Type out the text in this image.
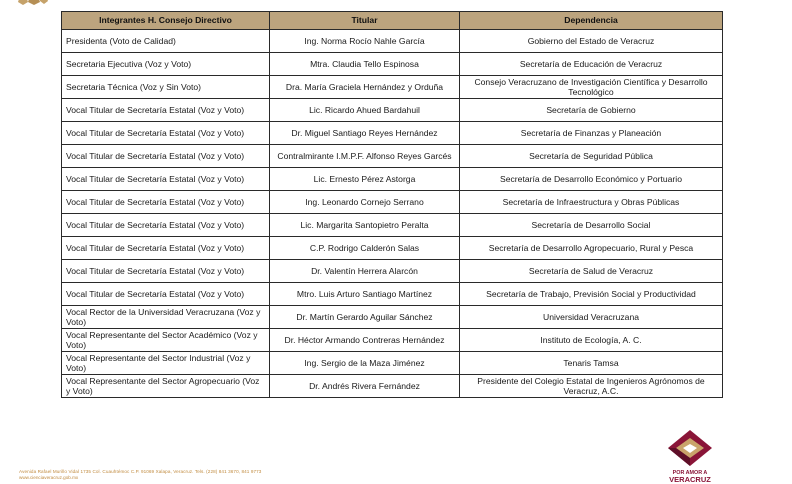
Integrantes H. Consejo Directivo	Titular	Dependencia
Presidenta (Voto de Calidad)	Ing. Norma Rocío Nahle García	Gobierno del Estado de Veracruz
Secretaria Ejecutiva (Voz y Voto)	Mtra. Claudia Tello Espinosa	Secretaría de Educación de Veracruz
Secretaria Técnica (Voz y Sin Voto)	Dra. María Graciela Hernández y Orduña	Consejo Veracruzano de Investigación Científica y Desarrollo Tecnológico
Vocal Titular de Secretaría Estatal (Voz y Voto)	Lic. Ricardo Ahued Bardahuil	Secretaría de Gobierno
Vocal Titular de Secretaría Estatal (Voz y Voto)	Dr. Miguel Santiago Reyes Hernández	Secretaría de Finanzas y Planeación
Vocal Titular de Secretaría Estatal (Voz y Voto)	Contralmirante I.M.P.F. Alfonso Reyes Garcés	Secretaría de Seguridad Pública
Vocal Titular de Secretaría Estatal (Voz y Voto)	Lic. Ernesto Pérez Astorga	Secretaría de Desarrollo Económico y Portuario
Vocal Titular de Secretaría Estatal (Voz y Voto)	Ing. Leonardo Cornejo Serrano	Secretaría de Infraestructura y Obras Públicas
Vocal Titular de Secretaría Estatal (Voz y Voto)	Lic. Margarita Santopietro Peralta	Secretaría de Desarrollo Social
Vocal Titular de Secretaría Estatal (Voz y Voto)	C.P. Rodrigo Calderón Salas	Secretaría de Desarrollo Agropecuario, Rural y Pesca
Vocal Titular de Secretaría Estatal (Voz y Voto)	Dr. Valentín Herrera Alarcón	Secretaría de Salud de Veracruz
Vocal Titular de Secretaría Estatal (Voz y Voto)	Mtro. Luis Arturo Santiago Martínez	Secretaría de Trabajo, Previsión Social y Productividad
Vocal Rector de la Universidad Veracruzana (Voz y Voto)	Dr. Martín Gerardo Aguilar Sánchez	Universidad Veracruzana
Vocal Representante del Sector Académico (Voz y Voto)	Dr. Héctor Armando Contreras Hernández	Instituto de Ecología, A. C.
Vocal Representante del Sector Industrial (Voz y Voto)	Ing. Sergio de la Maza Jiménez	Tenaris Tamsa
Vocal Representante del Sector Agropecuario (Voz y Voto)	Dr. Andrés Rivera Fernández	Presidente del Colegio Estatal de Ingenieros Agrónomos de Veracruz, A.C.
Avenida Rafael Murillo Vidal 1735 Col. Cuauhtémoc C.P. 91069 Xalapa, Veracruz. Tels. (228) 841 3670, 841 9773
www.cienciaveracruz.gob.mx
POR AMOR A
VERACRUZ
